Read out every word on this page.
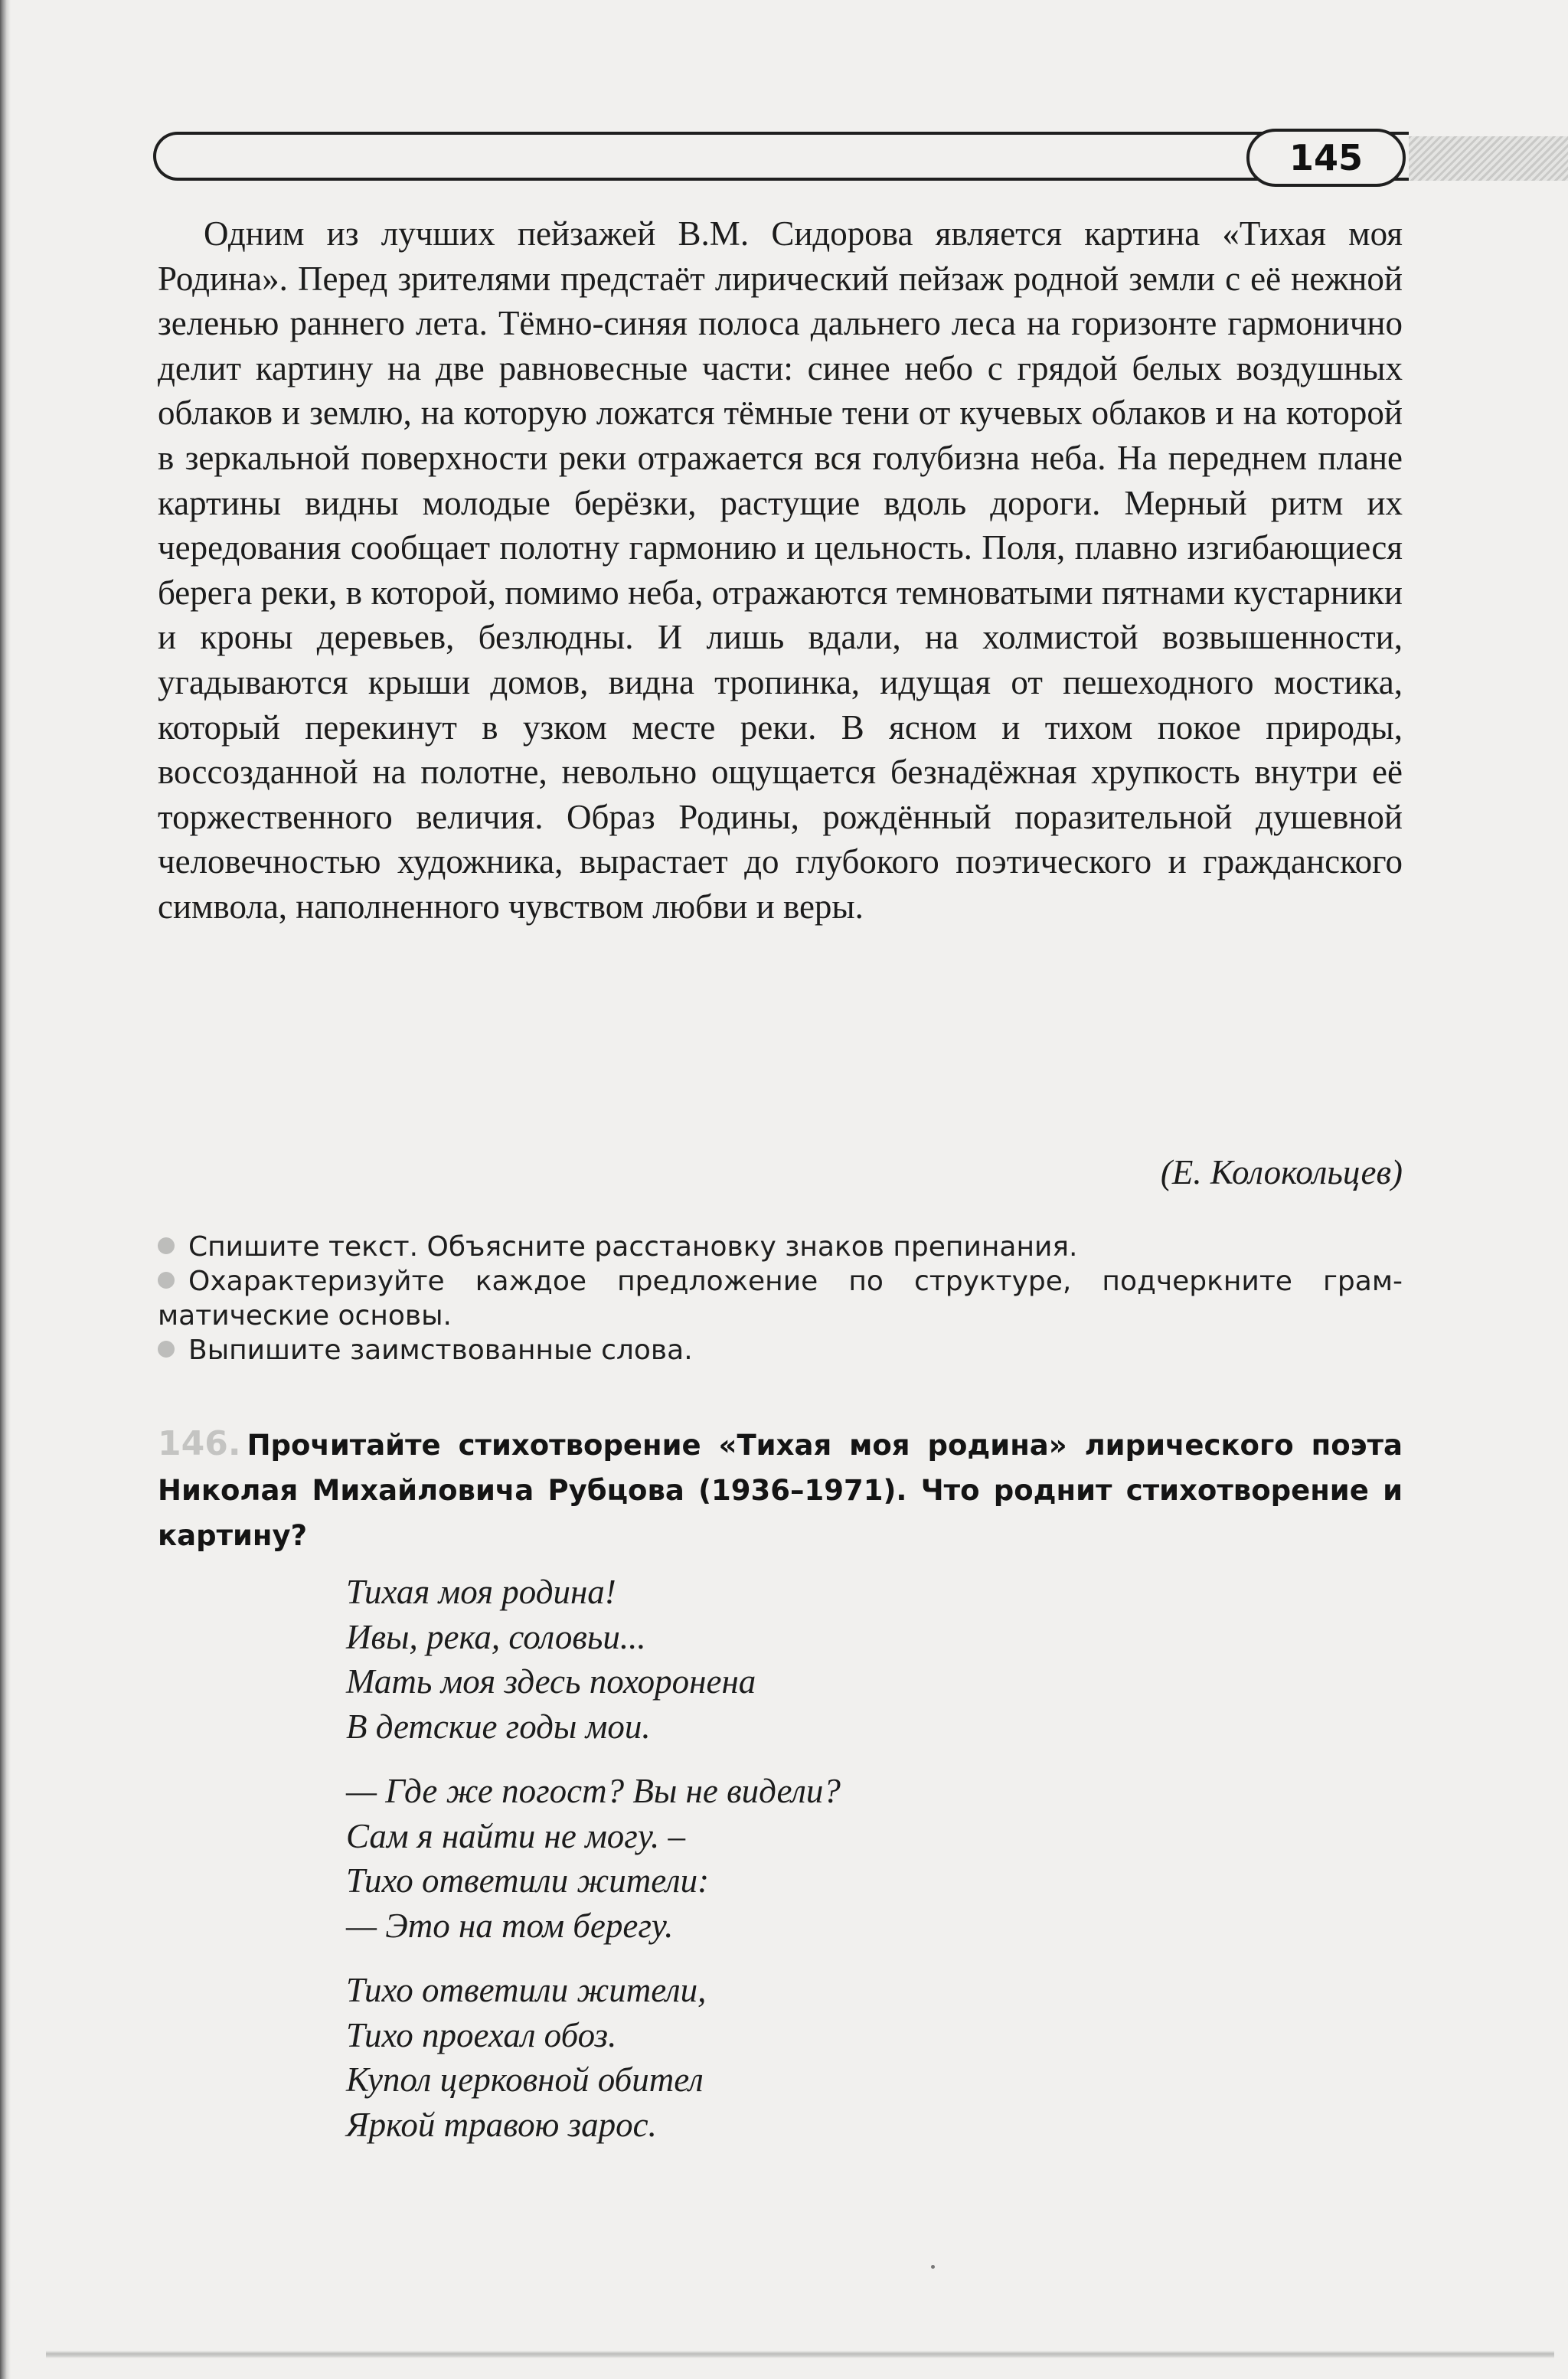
145

Одним из лучших пейзажей В.М. Сидорова является картина «Тихая моя Родина». Перед зрителями предстаёт лирический пейзаж родной земли с её нежной зеленью раннего лета. Тёмно-синяя полоса дальнего леса на горизонте гармонично делит картину на две равновесные части: синее небо с грядой белых воздушных облаков и землю, на которую ложатся тёмные тени от кучевых облаков и на которой в зеркальной поверхности реки отражается вся голубизна неба. На переднем плане картины видны молодые берёзки, растущие вдоль дороги. Мерный ритм их чередования сообщает полотну гармонию и цельность. Поля, плавно изгибающиеся берега реки, в которой, помимо неба, отражаются темноватыми пятнами кустарники и кроны деревьев, безлюдны. И лишь вдали, на холмистой возвышенности, угадываются крыши домов, видна тропинка, идущая от пешеходного мостика, который перекинут в узком месте реки. В ясном и тихом покое природы, воссозданной на полотне, невольно ощущается безнадёжная хрупкость внутри её торжественного величия. Образ Родины, рождённый поразительной душевной человечностью художника, вырастает до глубокого поэтического и гражданского символа, наполненного чувством любви и веры.

(Е. Колокольцев)
Спишите текст. Объясните расстановку знаков препинания.
Охарактеризуйте каждое предложение по структуре, подчеркните грамматические основы.
Выпишите заимствованные слова.
146. Прочитайте стихотворение «Тихая моя родина» лирического поэта Николая Михайловича Рубцова (1936–1971). Что роднит стихотворение и картину?
Тихая моя родина!
Ивы, река, соловьи...
Мать моя здесь похоронена
В детские годы мои.
— Где же погост? Вы не видели?
Сам я найти не могу. –
Тихо ответили жители:
— Это на том берегу.
Тихо ответили жители,
Тихо проехал обоз.
Купол церковной обител
Яркой травою зарос.
